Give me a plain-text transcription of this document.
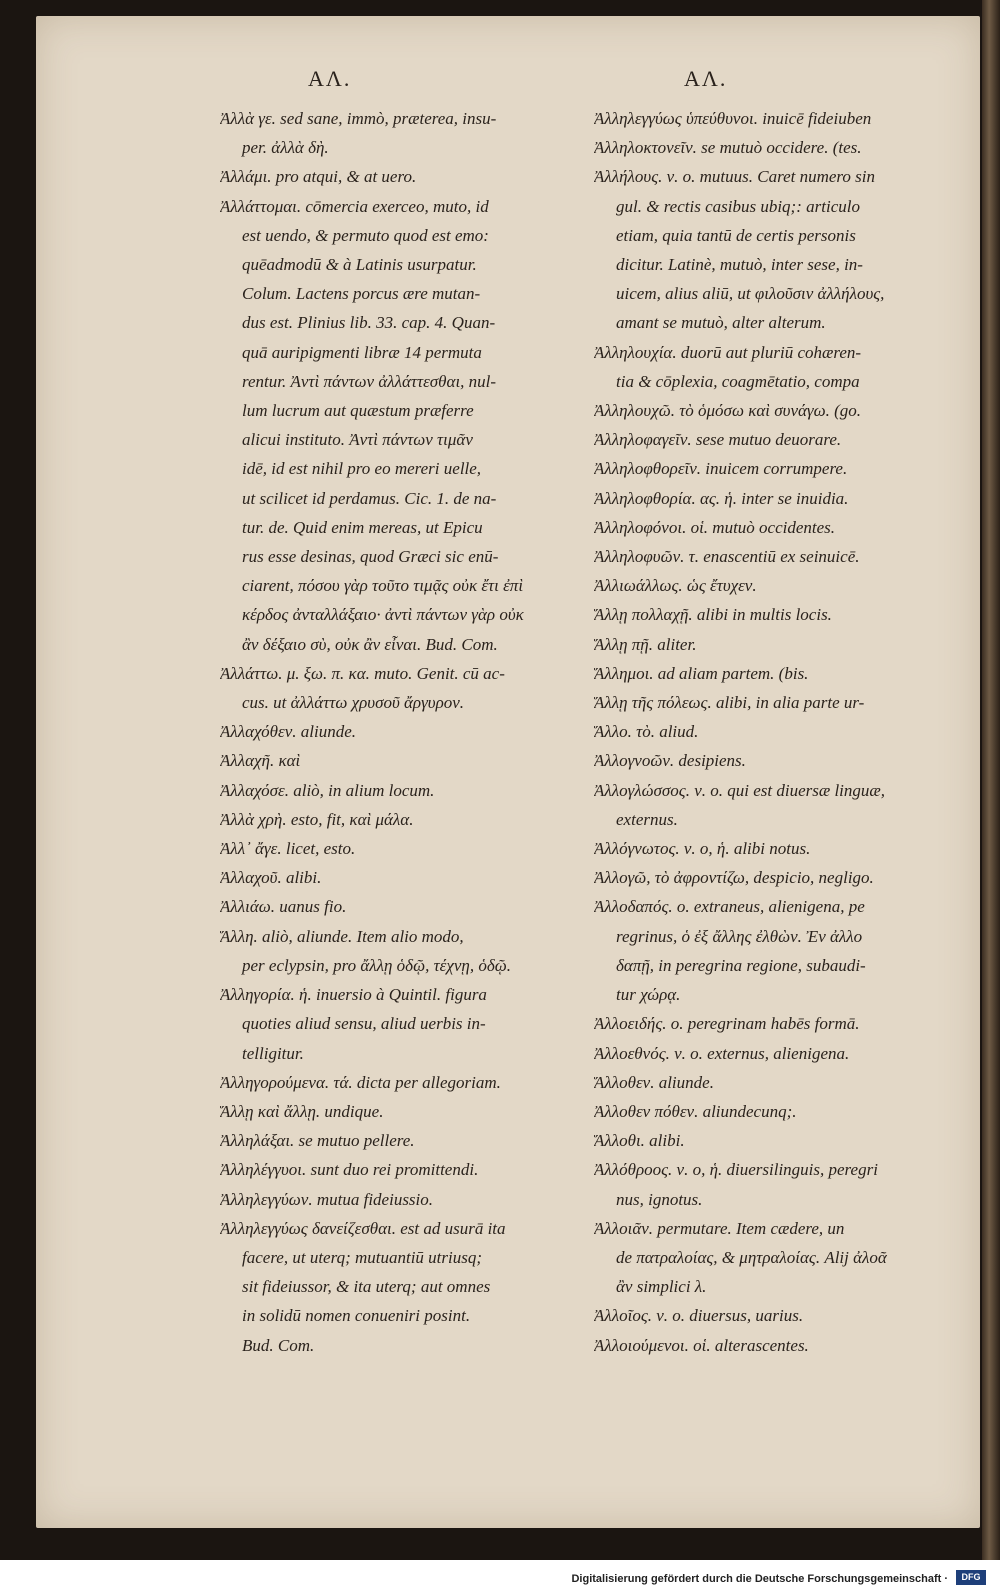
ΑΛ.	ΑΛ.
Ἀλλὰ γε. sed sane, immò, præterea, insu-
per. ἀλλὰ δὴ.
Ἀλλάμι. pro atqui, & at uero.
Ἀλλάττομαι. cōmercia exerceo, muto, id
est uendo, & permuto quod est emo:
quēadmodū & à Latinis usurpatur.
Colum. Lactens porcus ære mutan-
dus est. Plinius lib. 33. cap. 4. Quan-
quā auripigmenti libræ 14 permuta
rentur. Ἀντὶ πάντων ἀλλάττεσθαι, nul-
lum lucrum aut quæstum præferre
alicui instituto. Ἀντὶ πάντων τιμᾶν
idē, id est nihil pro eo mereri uelle,
ut scilicet id perdamus. Cic. 1. de na-
tur. de. Quid enim mereas, ut Epicu
rus esse desinas, quod Græci sic enū-
ciarent, πόσου γὰρ τοῦτο τιμᾷς οὐκ ἔτι ἐπὶ
κέρδος ἀνταλλάξαιο· ἀντὶ πάντων γὰρ οὐκ
ἂν δέξαιο σὺ, οὐκ ἂν εἶναι. Bud. Com.
Ἀλλάττω. μ. ξω. π. κα. muto. Genit. cū ac-
cus. ut ἀλλάττω χρυσοῦ ἄργυρον.
Ἀλλαχόθεν. aliunde.
Ἀλλαχῆ. καὶ
Ἀλλαχόσε. aliò, in alium locum.
Ἀλλὰ χρὴ. esto, fit, καὶ μάλα.
Ἀλλ᾽ ἄγε. licet, esto.
Ἀλλαχοῦ. alibi.
Ἀλλιάω. uanus fio.
Ἄλλη. aliò, aliunde. Item alio modo,
per eclypsin, pro ἄλλῃ ὁδῷ, τέχνῃ, ὁδῷ.
Ἀλληγορία. ἡ. inuersio à Quintil. figura
quoties aliud sensu, aliud uerbis in-
telligitur.
Ἀλληγορούμενα. τά. dicta per allegoriam.
Ἄλλῃ καὶ ἄλλῃ. undique.
Ἀλληλάξαι. se mutuo pellere.
Ἀλληλέγγυοι. sunt duo rei promittendi.
Ἀλληλεγγύων. mutua fideiussio.
Ἀλληλεγγύως δανείζεσθαι. est ad usurā ita
facere, ut uterq; mutuantiū utriusq;
sit fideiussor, & ita uterq; aut omnes
in solidū nomen conueniri posint.
Bud. Com.
Ἀλληλεγγύως ὑπεύθυνοι. inuicē fideiuben
Ἀλληλοκτονεῖν. se mutuò occidere. (tes.
Ἀλλήλους. ν. ο. mutuus. Caret numero sin
gul. & rectis casibus ubiq;: articulo
etiam, quia tantū de certis personis
dicitur. Latinè, mutuò, inter sese, in-
uicem, alius aliū, ut φιλοῦσιν ἀλλήλους,
amant se mutuò, alter alterum.
Ἀλληλουχία. duorū aut pluriū cohæren-
tia & cōplexia, coagmētatio, compa
Ἀλληλουχῶ. τὸ ὁμόσω καὶ συνάγω. (go.
Ἀλληλοφαγεῖν. sese mutuo deuorare.
Ἀλληλοφθορεῖν. inuicem corrumpere.
Ἀλληλοφθορία. ας. ἡ. inter se inuidia.
Ἀλληλοφόνοι. οἱ. mutuò occidentes.
Ἀλληλοφυῶν. τ. enascentiū ex seinuicē.
Ἀλλιωάλλως. ὡς ἔτυχεν.
Ἄλλῃ πολλαχῇ. alibi in multis locis.
Ἄλλῃ πῇ. aliter.
Ἄλλημοι. ad aliam partem. (bis.
Ἄλλῃ τῆς πόλεως. alibi, in alia parte ur-
Ἄλλο. τὸ. aliud.
Ἀλλογνοῶν. desipiens.
Ἀλλογλώσσος. ν. ο. qui est diuersæ linguæ,
externus.
Ἀλλόγνωτος. ν. ο, ἡ. alibi notus.
Ἀλλογῶ, τὸ ἀφροντίζω, despicio, negligo.
Ἀλλοδαπός. ο. extraneus, alienigena, pe
regrinus, ὁ ἐξ ἄλλης ἐλθὼν. Ἐν ἀλλο
δαπῇ, in peregrina regione, subaudi-
tur χώρᾳ.
Ἀλλοειδής. ο. peregrinam habēs formā.
Ἀλλοεθνός. ν. ο. externus, alienigena.
Ἄλλοθεν. aliunde.
Ἀλλοθεν πόθεν. aliundecunq;.
Ἄλλοθι. alibi.
Ἀλλόθροος. ν. ο, ἡ. diuersilinguis, peregri
nus, ignotus.
Ἀλλοιᾶν. permutare. Item cædere, un
de πατραλοίας, & μητραλοίας. Alij ἀλοᾶ
ἂν simplici λ.
Ἀλλοῖος. ν. ο. diuersus, uarius.
Ἀλλοιούμενοι. οἱ. alterascentes.
Digitalisierung gefördert durch die Deutsche Forschungsgemeinschaft ·	DFG
